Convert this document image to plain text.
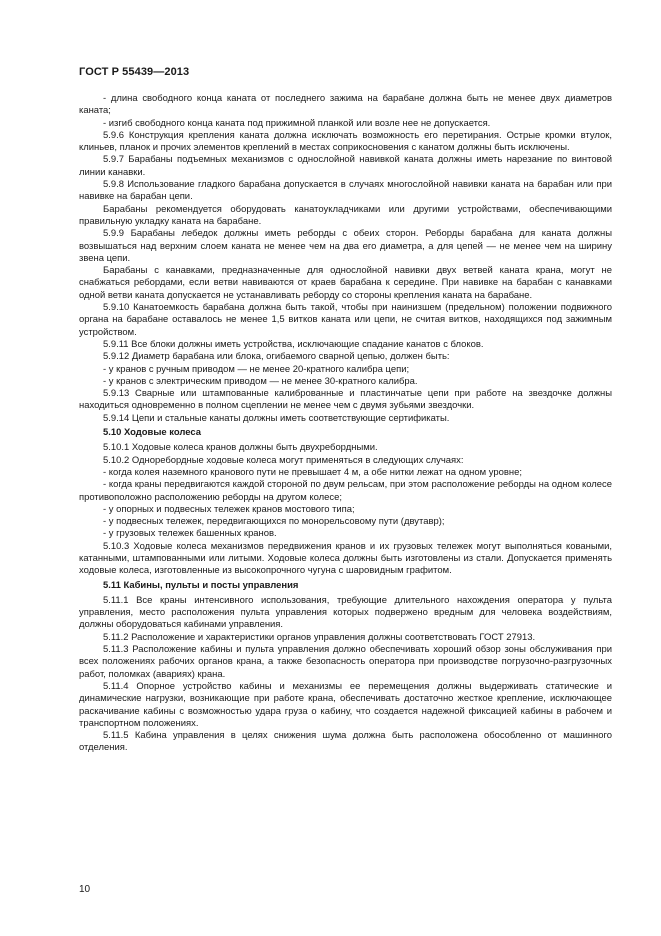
ГОСТ Р 55439—2013

- длина свободного конца каната от последнего зажима на барабане должна быть не менее двух диаметров каната;

- изгиб свободного конца каната под прижимной планкой или возле нее не допускается.

5.9.6 Конструкция крепления каната должна исключать возможность его перетирания. Острые кромки втулок, клиньев, планок и прочих элементов креплений в местах соприкосновения с канатом должны быть исключены.

5.9.7 Барабаны подъемных механизмов с однослойной навивкой каната должны иметь нарезание по винтовой линии канавки.

5.9.8 Использование гладкого барабана допускается в случаях многослойной навивки каната на барабан или при навивке на барабан цепи.

Барабаны рекомендуется оборудовать канатоукладчиками или другими устройствами, обеспечивающими правильную укладку каната на барабане.

5.9.9 Барабаны лебедок должны иметь реборды с обеих сторон. Реборды барабана для каната должны возвышаться над верхним слоем каната не менее чем на два его диаметра, а для цепей — не менее чем на ширину звена цепи.

Барабаны с канавками, предназначенные для однослойной навивки двух ветвей каната крана, могут не снабжаться ребордами, если ветви навиваются от краев барабана к середине. При навивке на барабан с канавками одной ветви каната допускается не устанавливать реборду со стороны крепления каната на барабане.

5.9.10 Канатоемкость барабана должна быть такой, чтобы при наинизшем (предельном) положении подвижного органа на барабане оставалось не менее 1,5 витков каната или цепи, не считая витков, находящихся под зажимным устройством.

5.9.11 Все блоки должны иметь устройства, исключающие спадание канатов с блоков.

5.9.12 Диаметр барабана или блока, огибаемого сварной цепью, должен быть:

- у кранов с ручным приводом — не менее 20-кратного калибра цепи;

- у кранов с электрическим приводом — не менее 30-кратного калибра.

5.9.13 Сварные или штампованные калиброванные и пластинчатые цепи при работе на звездочке должны находиться одновременно в полном сцеплении не менее чем с двумя зубьями звездочки.

5.9.14 Цепи и стальные канаты должны иметь соответствующие сертификаты.

5.10 Ходовые колеса

5.10.1 Ходовые колеса кранов должны быть двухребордными.

5.10.2 Одноребордные ходовые колеса могут применяться в следующих случаях:

- когда колея наземного кранового пути не превышает 4 м, а обе нитки лежат на одном уровне;

- когда краны передвигаются каждой стороной по двум рельсам, при этом расположение реборды на одном колесе противоположно расположению реборды на другом колесе;

- у опорных и подвесных тележек кранов мостового типа;

- у подвесных тележек, передвигающихся по монорельсовому пути (двутавр);

- у грузовых тележек башенных кранов.

5.10.3 Ходовые колеса механизмов передвижения кранов и их грузовых тележек могут выполняться коваными, катанными, штампованными или литыми. Ходовые колеса должны быть изготовлены из стали. Допускается применять ходовые колеса, изготовленные из высокопрочного чугуна с шаровидным графитом.

5.11 Кабины, пульты и посты управления

5.11.1 Все краны интенсивного использования, требующие длительного нахождения оператора у пульта управления, место расположения пульта управления которых подвержено вредным для человека воздействиям, должны оборудоваться кабинами управления.

5.11.2 Расположение и характеристики органов управления должны соответствовать ГОСТ 27913.

5.11.3 Расположение кабины и пульта управления должно обеспечивать хороший обзор зоны обслуживания при всех положениях рабочих органов крана, а также безопасность оператора при производстве погрузочно-разгрузочных работ, поломках (авариях) крана.

5.11.4 Опорное устройство кабины и механизмы ее перемещения должны выдерживать статические и динамические нагрузки, возникающие при работе крана, обеспечивать достаточно жесткое крепление, исключающее раскачивание кабины с возможностью удара груза о кабину, что создается надежной фиксацией кабины в рабочем и транспортном положениях.

5.11.5 Кабина управления в целях снижения шума должна быть расположена обособленно от машинного отделения.

10
